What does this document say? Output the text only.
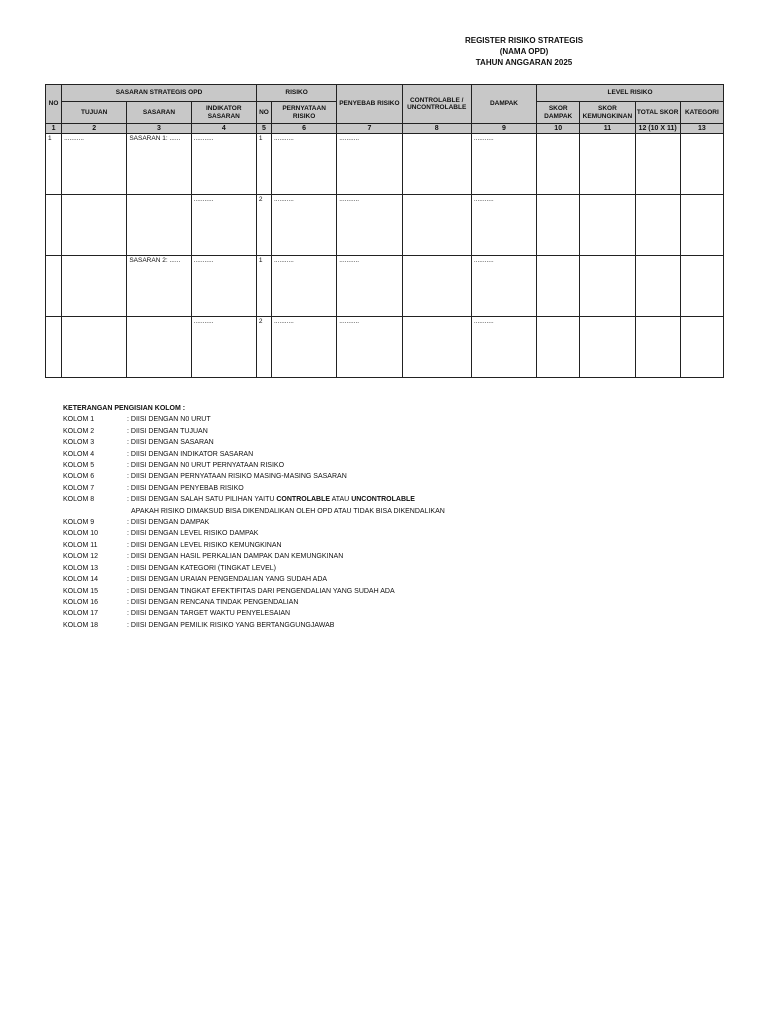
REGISTER RISIKO STRATEGIS
(NAMA OPD)
TAHUN ANGGARAN 2025
NO	SASARAN STRATEGIS OPD			RISIKO		PENYEBAB RISIKO	CONTROLABLE / UNCONTROLABLE	DAMPAK	LEVEL RISIKO			
	TUJUAN	SASARAN	INDIKATOR SASARAN	NO	PERNYATAAN RISIKO				SKOR DAMPAK	SKOR KEMUNGKINAN	TOTAL SKOR	KATEGORI
1	2	3	4	5	6	7	8	9	10	11	12 (10 X 11)	13
1	...........	SASARAN 1: ......	...........	1	...........	...........		...........				
			...........	2	...........	...........		...........				
		SASARAN 2: ......	...........	1	...........	...........		...........				
			...........	2	...........	...........		...........				
KETERANGAN PENGISIAN KOLOM :
KOLOM 1	: DIISI DENGAN N0 URUT
KOLOM 2	: DIISI DENGAN TUJUAN
KOLOM 3	: DIISI DENGAN SASARAN
KOLOM 4	: DIISI DENGAN INDIKATOR SASARAN
KOLOM 5	: DIISI DENGAN N0 URUT PERNYATAAN RISIKO
KOLOM 6	: DIISI DENGAN PERNYATAAN RISIKO MASING-MASING SASARAN
KOLOM 7	: DIISI DENGAN PENYEBAB RISIKO
KOLOM 8	: DIISI DENGAN SALAH SATU PILIHAN YAITU CONTROLABLE ATAU UNCONTROLABLE
APAKAH RISIKO DIMAKSUD BISA DIKENDALIKAN OLEH OPD ATAU TIDAK BISA DIKENDALIKAN
KOLOM 9	: DIISI DENGAN DAMPAK
KOLOM 10	: DIISI DENGAN LEVEL RISIKO DAMPAK
KOLOM 11	: DIISI DENGAN LEVEL RISIKO KEMUNGKINAN
KOLOM 12	: DIISI DENGAN HASIL PERKALIAN DAMPAK DAN KEMUNGKINAN
KOLOM 13	: DIISI DENGAN KATEGORI (TINGKAT LEVEL)
KOLOM 14	: DIISI DENGAN URAIAN PENGENDALIAN YANG SUDAH ADA
KOLOM 15	: DIISI DENGAN TINGKAT EFEKTIFITAS DARI PENGENDALIAN YANG SUDAH ADA
KOLOM 16	: DIISI DENGAN RENCANA TINDAK PENGENDALIAN
KOLOM 17	: DIISI DENGAN TARGET WAKTU PENYELESAIAN
KOLOM 18	: DIISI DENGAN PEMILIK RISIKO YANG BERTANGGUNGJAWAB
